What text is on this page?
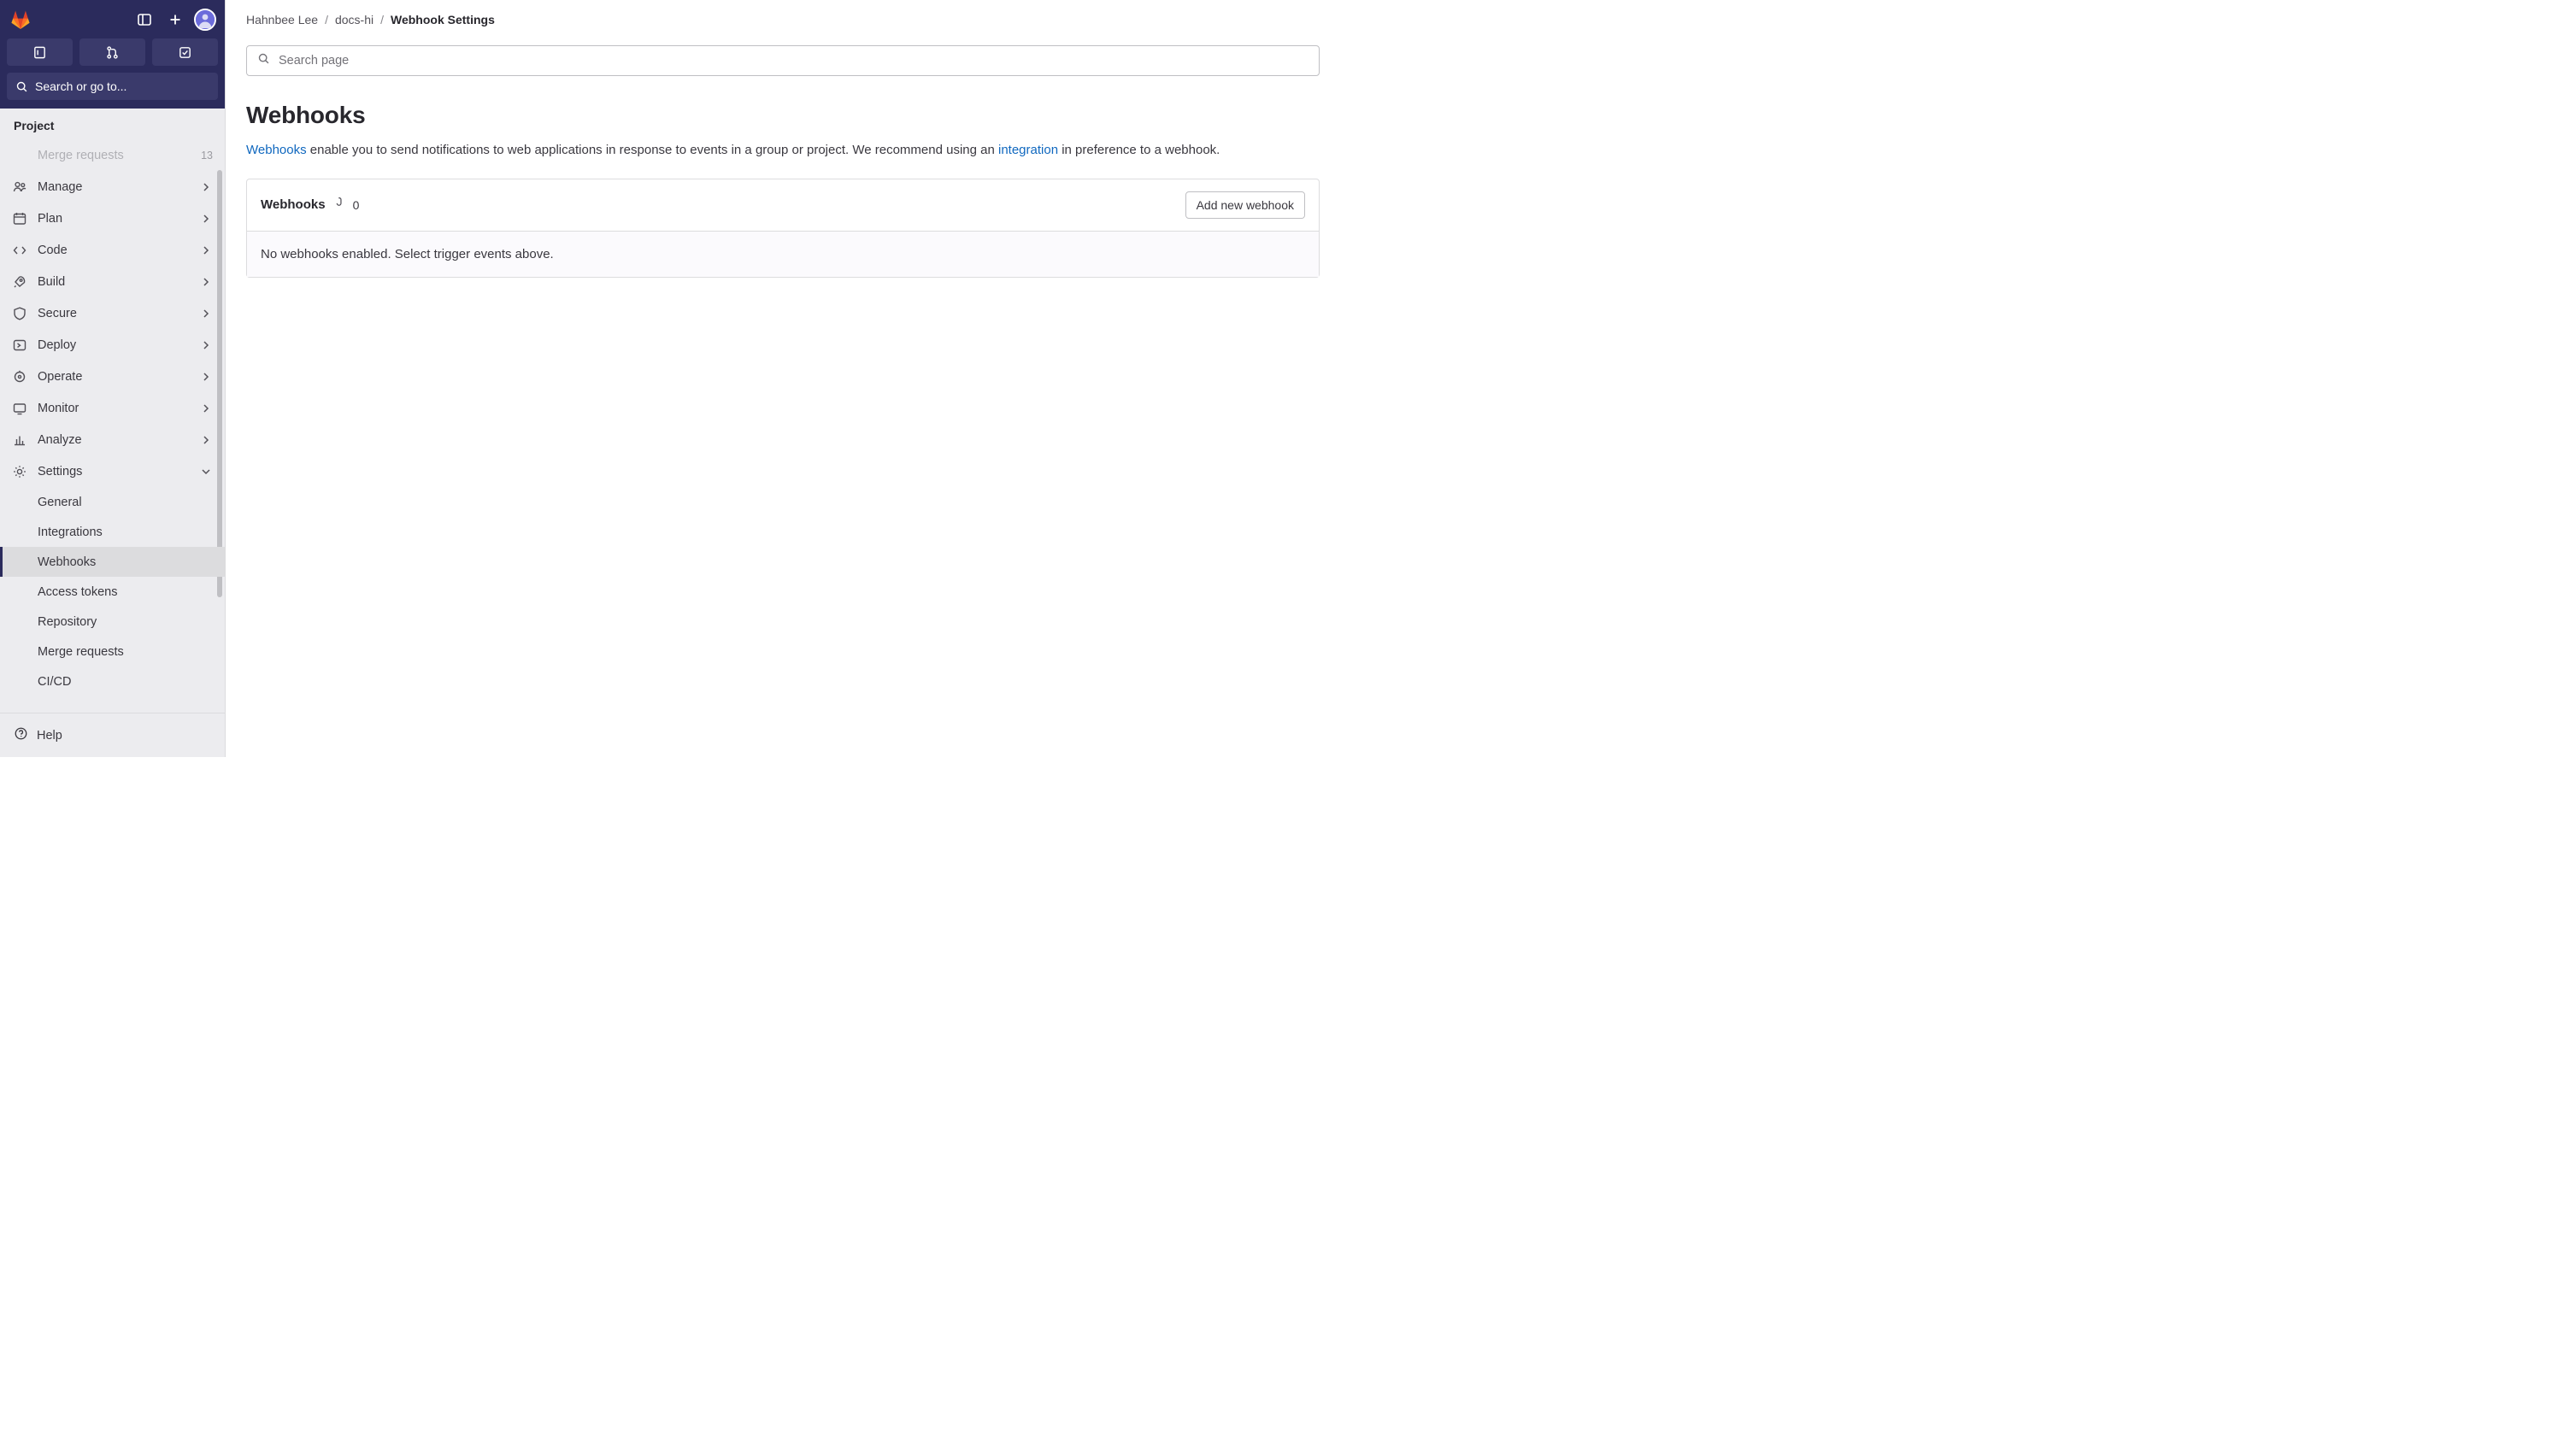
Search or go to...
Project
Merge requests	13
Manage
Plan
Code
Build
Secure
Deploy
Operate
Monitor
Analyze
Settings
General
Integrations
Webhooks
Access tokens
Repository
Merge requests
CI/CD
Help
Hahnbee Lee / docs-hi / Webhook Settings
Search page
Webhooks
Webhooks enable you to send notifications to web applications in response to events in a group or project. We recommend using an integration in preference to a webhook.
Webhooks 0	Add new webhook
No webhooks enabled. Select trigger events above.
